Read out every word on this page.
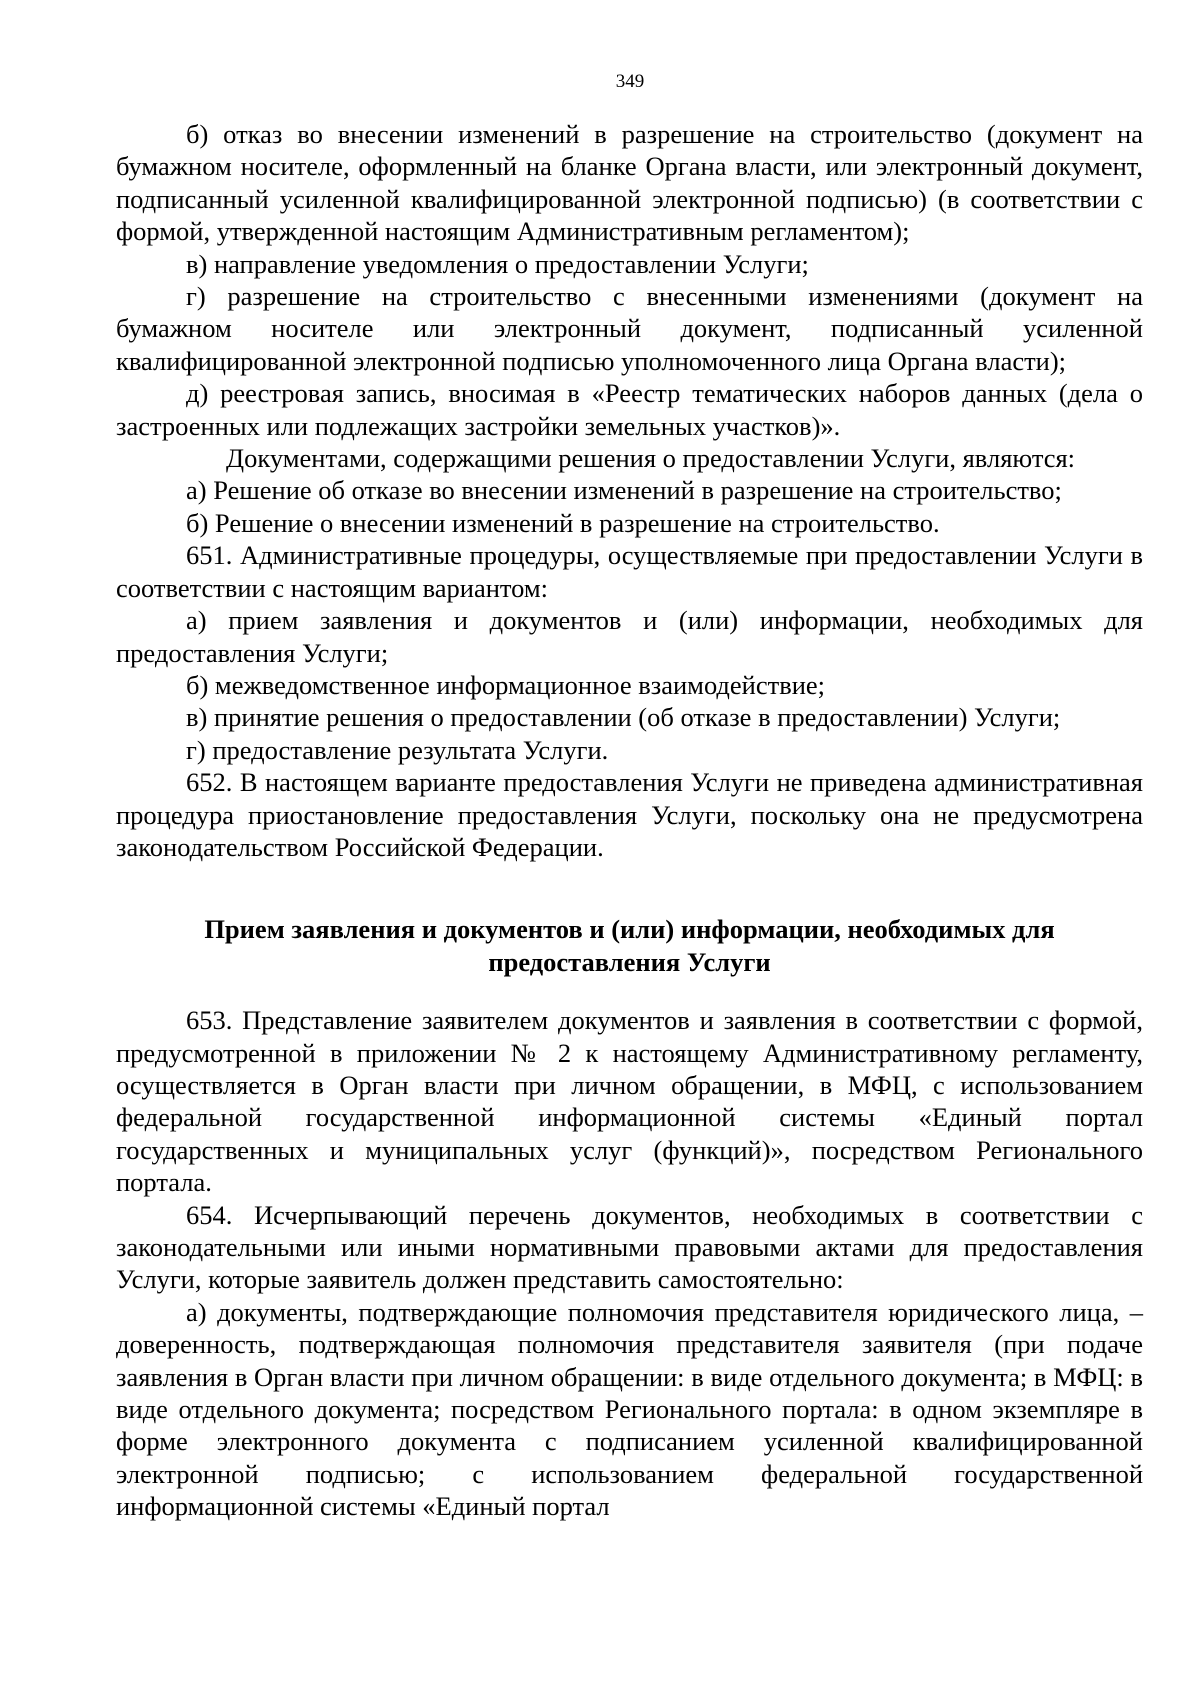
349

б) отказ во внесении изменений в разрешение на строительство (документ на бумажном носителе, оформленный на бланке Органа власти, или электронный документ, подписанный усиленной квалифицированной электронной подписью) (в соответствии с формой, утвержденной настоящим Административным регламентом);

в) направление уведомления о предоставлении Услуги;

г) разрешение на строительство с внесенными изменениями (документ на бумажном носителе или электронный документ, подписанный усиленной квалифицированной электронной подписью уполномоченного лица Органа власти);

д) реестровая запись, вносимая в «Реестр тематических наборов данных (дела о застроенных или подлежащих застройки земельных участков)».

Документами, содержащими решения о предоставлении Услуги, являются:

а) Решение об отказе во внесении изменений в разрешение на строительство;

б) Решение о внесении изменений в разрешение на строительство.

651. Административные процедуры, осуществляемые при предоставлении Услуги в соответствии с настоящим вариантом:

а) прием заявления и документов и (или) информации, необходимых для предоставления Услуги;

б) межведомственное информационное взаимодействие;

в) принятие решения о предоставлении (об отказе в предоставлении) Услуги;

г) предоставление результата Услуги.

652. В настоящем варианте предоставления Услуги не приведена административная процедура приостановление предоставления Услуги, поскольку она не предусмотрена законодательством Российской Федерации.

Прием заявления и документов и (или) информации, необходимых для
предоставления Услуги

653. Представление заявителем документов и заявления в соответствии с формой, предусмотренной в приложении № 2 к настоящему Административному регламенту, осуществляется в Орган власти при личном обращении, в МФЦ, с использованием федеральной государственной информационной системы «Единый портал государственных и муниципальных услуг (функций)», посредством Регионального портала.

654. Исчерпывающий перечень документов, необходимых в соответствии с законодательными или иными нормативными правовыми актами для предоставления Услуги, которые заявитель должен представить самостоятельно:

а) документы, подтверждающие полномочия представителя юридического лица, – доверенность, подтверждающая полномочия представителя заявителя (при подаче заявления в Орган власти при личном обращении: в виде отдельного документа; в МФЦ: в виде отдельного документа; посредством Регионального портала: в одном экземпляре в форме электронного документа с подписанием усиленной квалифицированной электронной подписью; с использованием федеральной государственной информационной системы «Единый портал
